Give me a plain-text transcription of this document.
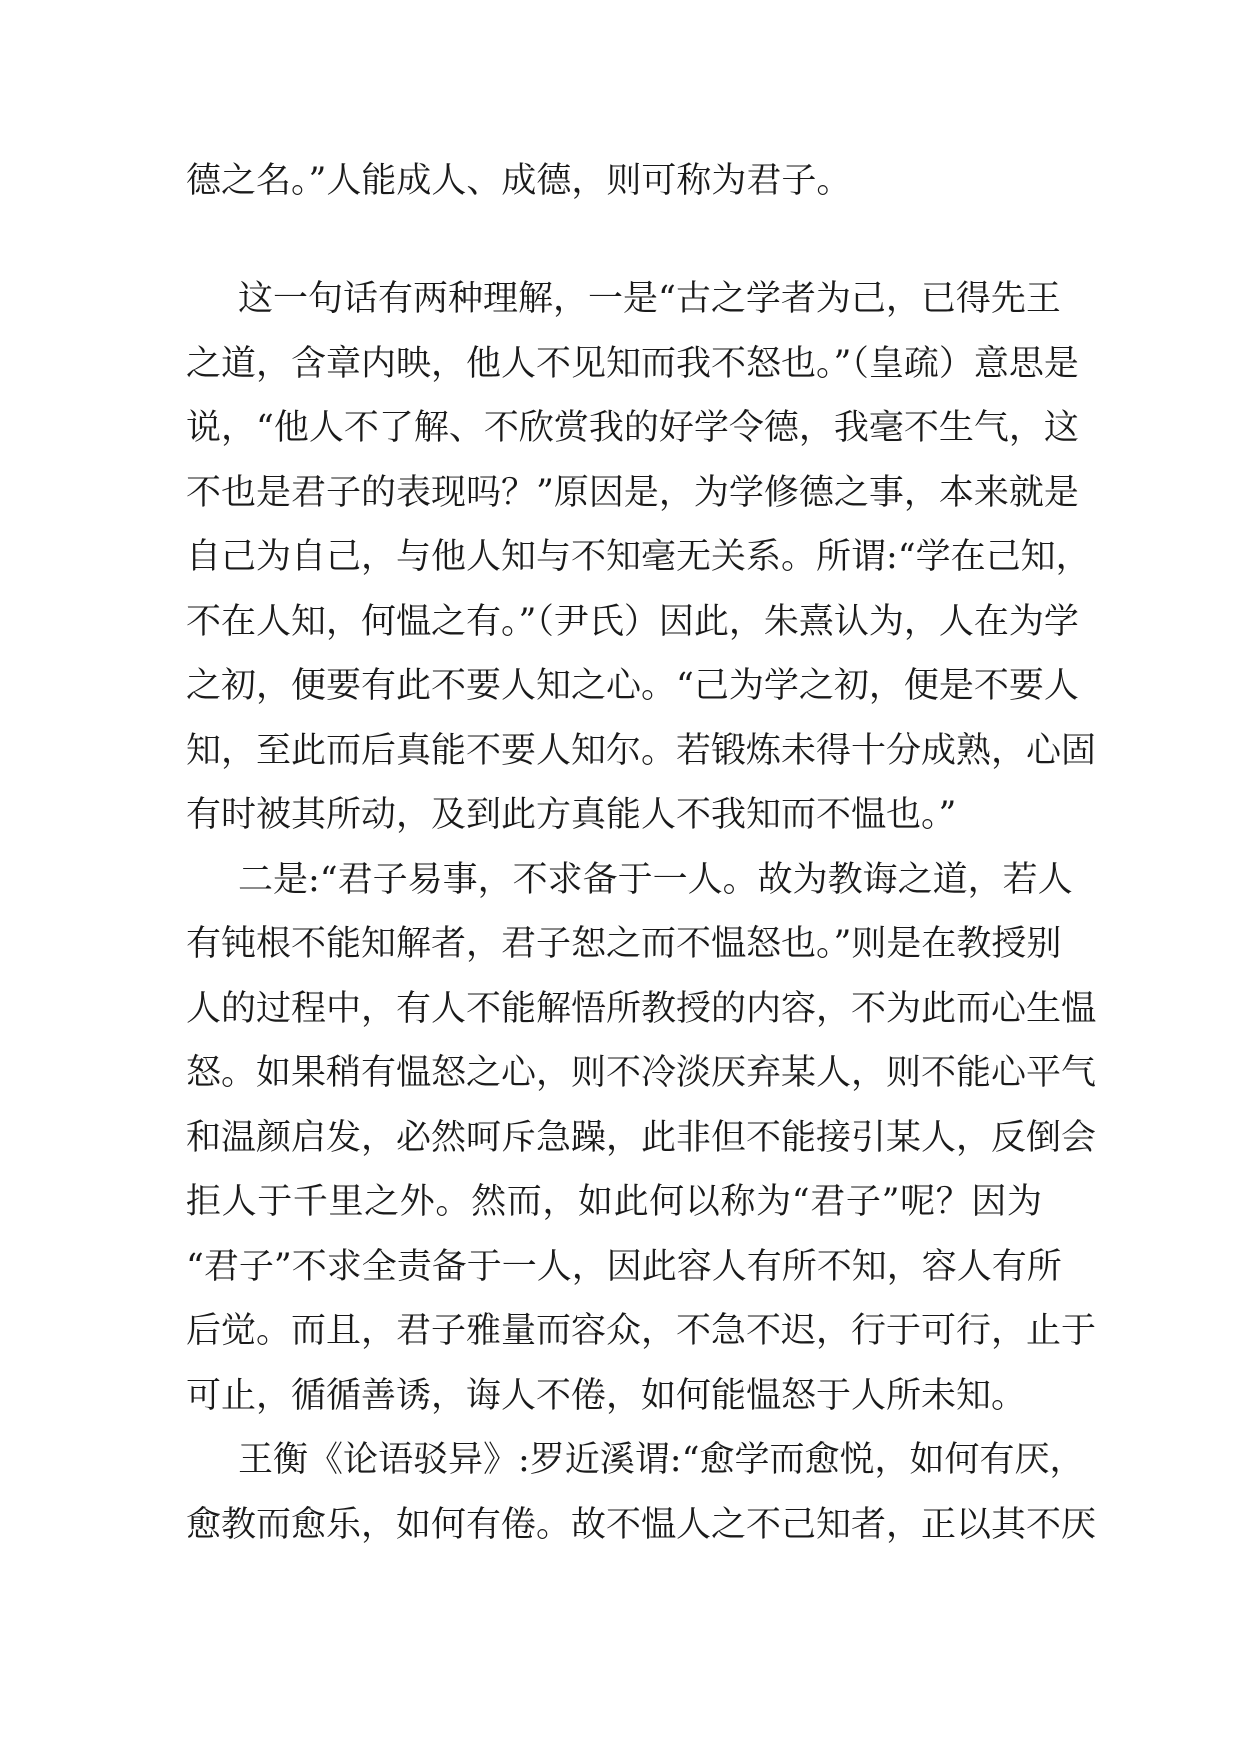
德之名。”人能成人、成德，则可称为君子。
这一句话有两种理解，一是“古之学者为己，已得先王
之道，含章内映，他人不见知而我不怒也。”（皇疏）意思是
说，“他人不了解、不欣赏我的好学令德，我毫不生气，这
不也是君子的表现吗？”原因是，为学修德之事，本来就是
自己为自己，与他人知与不知毫无关系。所谓:“学在己知，
不在人知，何愠之有。”（尹氏）因此，朱熹认为，人在为学
之初，便要有此不要人知之心。“己为学之初，便是不要人
知，至此而后真能不要人知尔。若锻炼未得十分成熟，心固
有时被其所动，及到此方真能人不我知而不愠也。”
二是:“君子易事，不求备于一人。故为教诲之道，若人
有钝根不能知解者，君子恕之而不愠怒也。”则是在教授别
人的过程中，有人不能解悟所教授的内容，不为此而心生愠
怒。如果稍有愠怒之心，则不冷淡厌弃某人，则不能心平气
和温颜启发，必然呵斥急躁，此非但不能接引某人，反倒会
拒人于千里之外。然而，如此何以称为“君子”呢？因为
“君子”不求全责备于一人，因此容人有所不知，容人有所
后觉。而且，君子雅量而容众，不急不迟，行于可行，止于
可止，循循善诱，诲人不倦，如何能愠怒于人所未知。
王衡《论语驳异》:罗近溪谓:“愈学而愈悦，如何有厌，
愈教而愈乐，如何有倦。故不愠人之不己知者，正以其不厌
